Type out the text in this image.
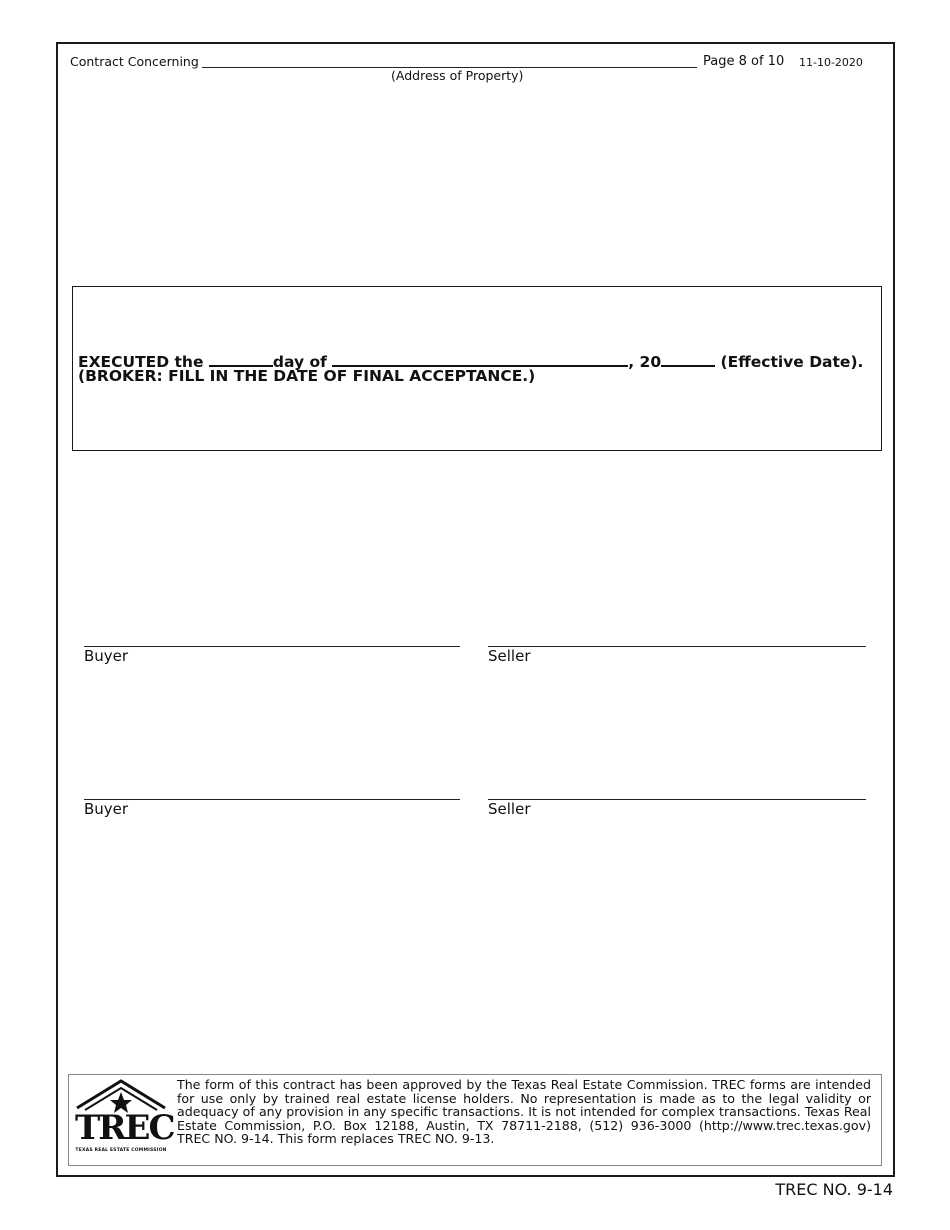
Contract Concerning
(Address of Property)
Page 8 of 10 11-10-2020
EXECUTED the	day of	, 20	(Effective Date).
(BROKER: FILL IN THE DATE OF FINAL ACCEPTANCE.)
Buyer	Seller
Buyer	Seller
TREC
TEXAS REAL ESTATE COMMISSION
The form of this contract has been approved by the Texas Real Estate Commission. TREC forms are intended for use only by trained real estate license holders. No representation is made as to the legal validity or adequacy of any provision in any specific transactions. It is not intended for complex transactions. Texas Real Estate Commission, P.O. Box 12188, Austin, TX 78711-2188, (512) 936-3000 (http://www.trec.texas.gov) TREC NO. 9-14. This form replaces TREC NO. 9-13.
TREC NO. 9-14
